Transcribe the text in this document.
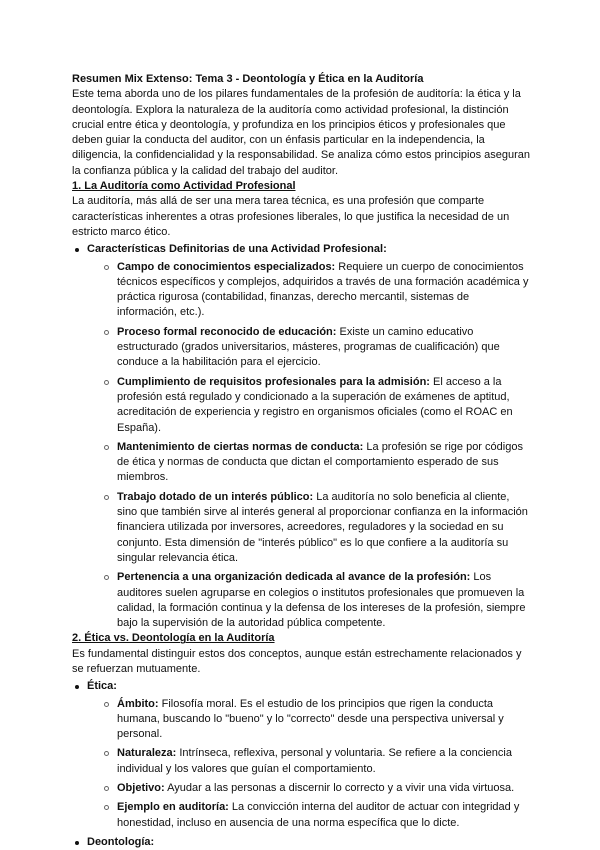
Resumen Mix Extenso: Tema 3 - Deontología y Ética en la Auditoría

Este tema aborda uno de los pilares fundamentales de la profesión de auditoría: la ética y la deontología. Explora la naturaleza de la auditoría como actividad profesional, la distinción crucial entre ética y deontología, y profundiza en los principios éticos y profesionales que deben guiar la conducta del auditor, con un énfasis particular en la independencia, la diligencia, la confidencialidad y la responsabilidad. Se analiza cómo estos principios aseguran la confianza pública y la calidad del trabajo del auditor.

1. La Auditoría como Actividad Profesional

La auditoría, más allá de ser una mera tarea técnica, es una profesión que comparte características inherentes a otras profesiones liberales, lo que justifica la necesidad de un estricto marco ético.

Características Definitorias de una Actividad Profesional:
Campo de conocimientos especializados: Requiere un cuerpo de conocimientos técnicos específicos y complejos, adquiridos a través de una formación académica y práctica rigurosa (contabilidad, finanzas, derecho mercantil, sistemas de información, etc.).
Proceso formal reconocido de educación: Existe un camino educativo estructurado (grados universitarios, másteres, programas de cualificación) que conduce a la habilitación para el ejercicio.
Cumplimiento de requisitos profesionales para la admisión: El acceso a la profesión está regulado y condicionado a la superación de exámenes de aptitud, acreditación de experiencia y registro en organismos oficiales (como el ROAC en España).
Mantenimiento de ciertas normas de conducta: La profesión se rige por códigos de ética y normas de conducta que dictan el comportamiento esperado de sus miembros.
Trabajo dotado de un interés público: La auditoría no solo beneficia al cliente, sino que también sirve al interés general al proporcionar confianza en la información financiera utilizada por inversores, acreedores, reguladores y la sociedad en su conjunto. Esta dimensión de "interés público" es lo que confiere a la auditoría su singular relevancia ética.
Pertenencia a una organización dedicada al avance de la profesión: Los auditores suelen agruparse en colegios o institutos profesionales que promueven la calidad, la formación continua y la defensa de los intereses de la profesión, siempre bajo la supervisión de la autoridad pública competente.

2. Ética vs. Deontología en la Auditoría

Es fundamental distinguir estos dos conceptos, aunque están estrechamente relacionados y se refuerzan mutuamente.

Ética:
Ámbito: Filosofía moral. Es el estudio de los principios que rigen la conducta humana, buscando lo "bueno" y lo "correcto" desde una perspectiva universal y personal.
Naturaleza: Intrínseca, reflexiva, personal y voluntaria. Se refiere a la conciencia individual y los valores que guían el comportamiento.
Objetivo: Ayudar a las personas a discernir lo correcto y a vivir una vida virtuosa.
Ejemplo en auditoría: La convicción interna del auditor de actuar con integridad y honestidad, incluso en ausencia de una norma específica que lo dicte.
Deontología:
